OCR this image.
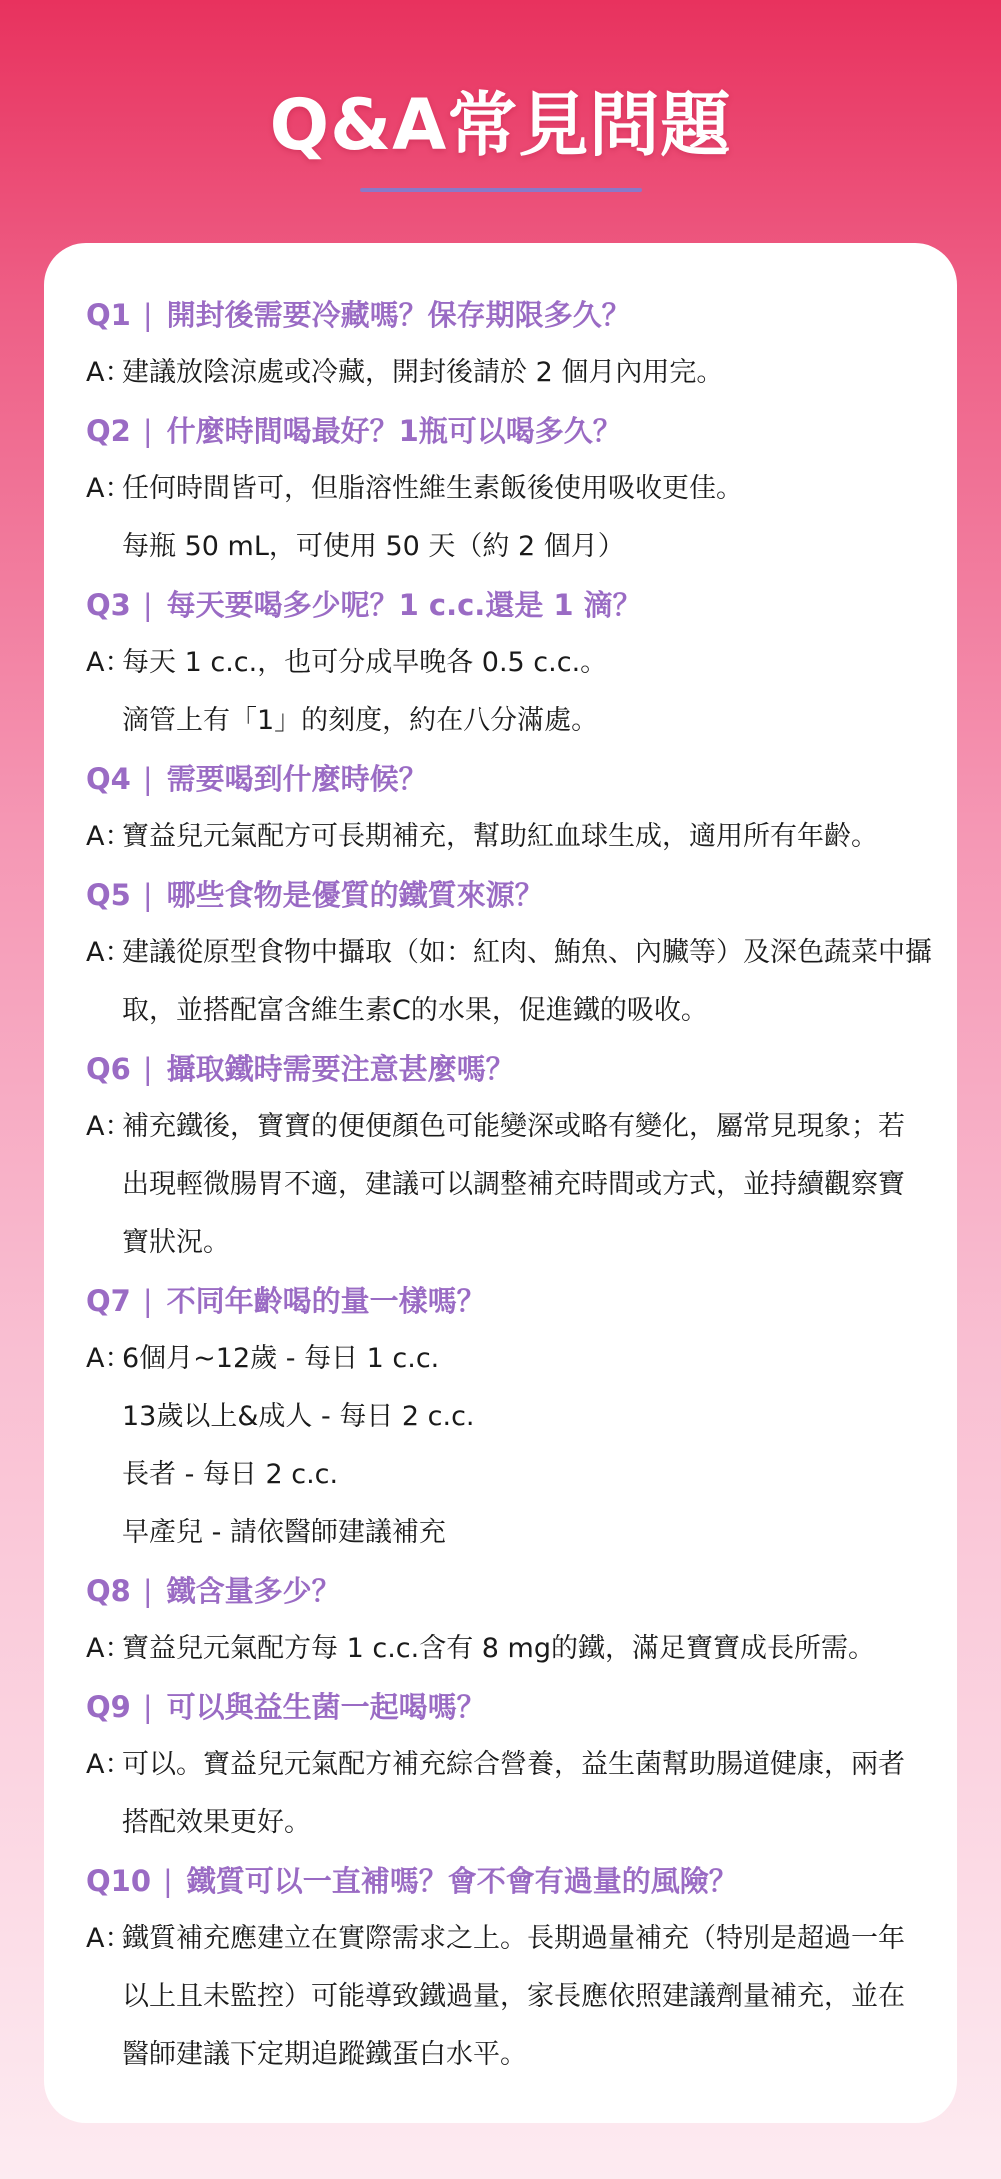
Q&A常見問題
Q1 | 開封後需要冷藏嗎？保存期限多久？
A：建議放陰涼處或冷藏，開封後請於 2 個月內用完。
Q2 | 什麼時間喝最好？1瓶可以喝多久？
A：任何時間皆可，但脂溶性維生素飯後使用吸收更佳。
每瓶 50 mL，可使用 50 天（約 2 個月）
Q3 | 每天要喝多少呢？1 c.c.還是 1 滴？
A：每天 1 c.c.，也可分成早晚各 0.5 c.c.。
滴管上有「1」的刻度，約在八分滿處。
Q4 | 需要喝到什麼時候？
A：寶益兒元氣配方可長期補充，幫助紅血球生成，適用所有年齡。
Q5 | 哪些食物是優質的鐵質來源？
A：建議從原型食物中攝取（如：紅肉、鮪魚、內臟等）及深色蔬菜中攝
取，並搭配富含維生素C的水果，促進鐵的吸收。
Q6 | 攝取鐵時需要注意甚麼嗎？
A：補充鐵後，寶寶的便便顏色可能變深或略有變化，屬常見現象；若
出現輕微腸胃不適，建議可以調整補充時間或方式，並持續觀察寶
寶狀況。
Q7 | 不同年齡喝的量一樣嗎？
A：6個月~12歲 - 每日 1 c.c.
13歲以上&成人 - 每日 2 c.c.
長者 - 每日 2 c.c.
早產兒 - 請依醫師建議補充
Q8 | 鐵含量多少？
A：寶益兒元氣配方每 1 c.c.含有 8 mg的鐵，滿足寶寶成長所需。
Q9 | 可以與益生菌一起喝嗎？
A：可以。寶益兒元氣配方補充綜合營養，益生菌幫助腸道健康，兩者
搭配效果更好。
Q10 | 鐵質可以一直補嗎？會不會有過量的風險？
A：鐵質補充應建立在實際需求之上。長期過量補充（特別是超過一年
以上且未監控）可能導致鐵過量，家長應依照建議劑量補充，並在
醫師建議下定期追蹤鐵蛋白水平。
